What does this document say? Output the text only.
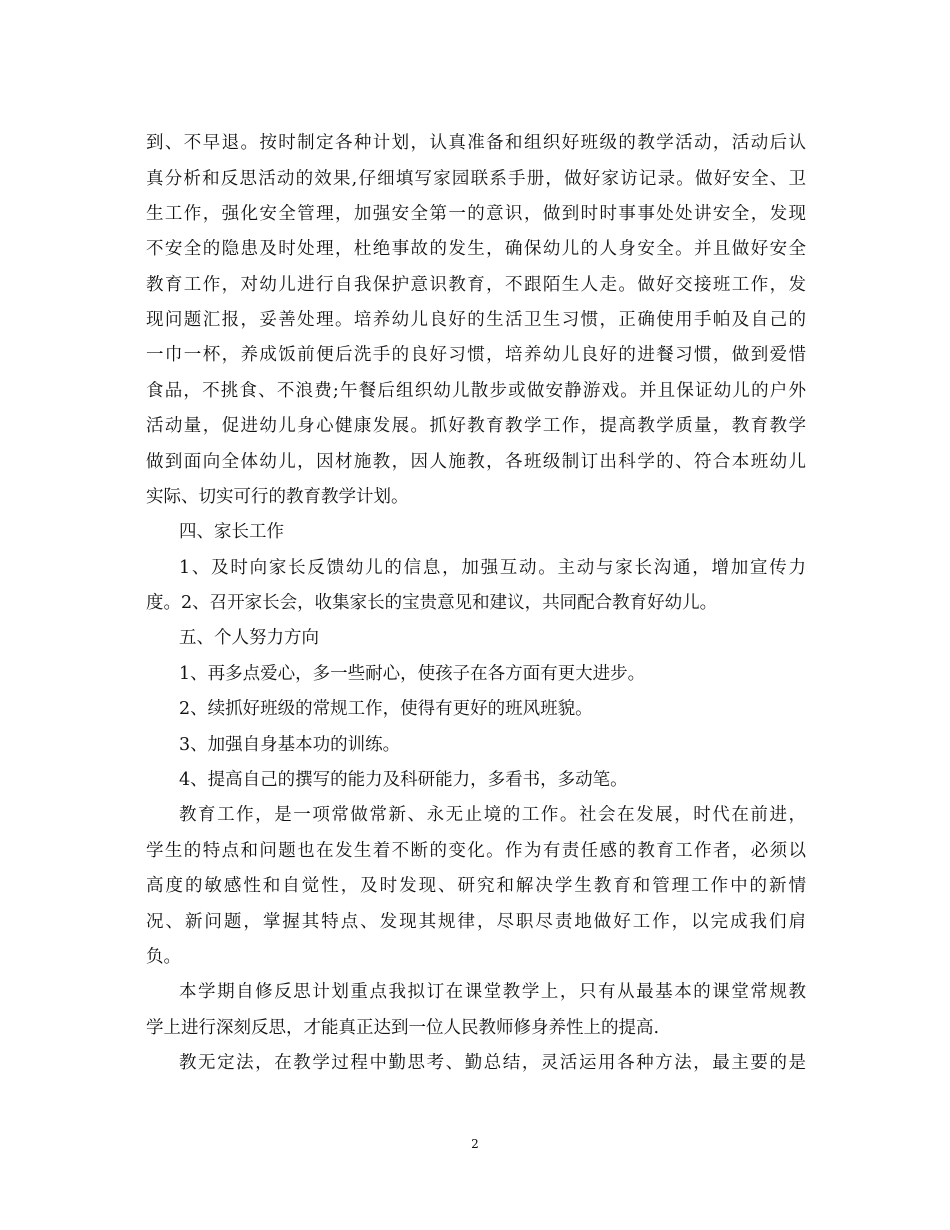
到、不早退。按时制定各种计划，认真准备和组织好班级的教学活动，活动后认
真分析和反思活动的效果,仔细填写家园联系手册，做好家访记录。做好安全、卫
生工作，强化安全管理，加强安全第一的意识，做到时时事事处处讲安全，发现
不安全的隐患及时处理，杜绝事故的发生，确保幼儿的人身安全。并且做好安全
教育工作，对幼儿进行自我保护意识教育，不跟陌生人走。做好交接班工作，发
现问题汇报，妥善处理。培养幼儿良好的生活卫生习惯，正确使用手帕及自己的
一巾一杯，养成饭前便后洗手的良好习惯，培养幼儿良好的进餐习惯，做到爱惜
食品，不挑食、不浪费;午餐后组织幼儿散步或做安静游戏。并且保证幼儿的户外
活动量，促进幼儿身心健康发展。抓好教育教学工作，提高教学质量，教育教学
做到面向全体幼儿，因材施教，因人施教，各班级制订出科学的、符合本班幼儿
实际、切实可行的教育教学计划。
四、家长工作
1、及时向家长反馈幼儿的信息，加强互动。主动与家长沟通，增加宣传力
度。2、召开家长会，收集家长的宝贵意见和建议，共同配合教育好幼儿。
五、个人努力方向
1、再多点爱心，多一些耐心，使孩子在各方面有更大进步。
2、续抓好班级的常规工作，使得有更好的班风班貌。
3、加强自身基本功的训练。
4、提高自己的撰写的能力及科研能力，多看书，多动笔。
教育工作，是一项常做常新、永无止境的工作。社会在发展，时代在前进，
学生的特点和问题也在发生着不断的变化。作为有责任感的教育工作者，必须以
高度的敏感性和自觉性，及时发现、研究和解决学生教育和管理工作中的新情
况、新问题，掌握其特点、发现其规律，尽职尽责地做好工作，以完成我们肩
负。
本学期自修反思计划重点我拟订在课堂教学上，只有从最基本的课堂常规教
学上进行深刻反思，才能真正达到一位人民教师修身养性上的提高.
教无定法，在教学过程中勤思考、勤总结，灵活运用各种方法，最主要的是
2
